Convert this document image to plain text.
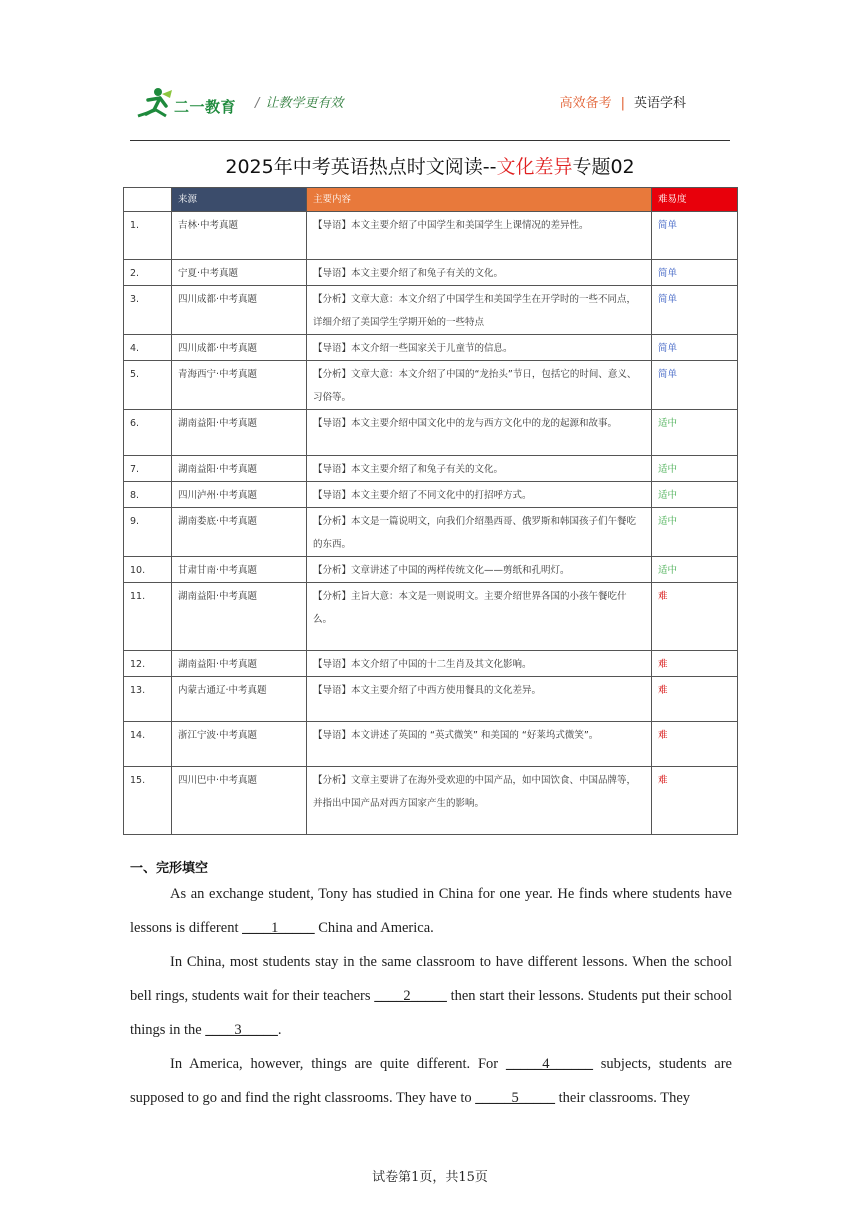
二一教育 / 让教学更有效	高效备考 | 英语学科
2025年中考英语热点时文阅读--文化差异专题02
	来源	主要内容	难易度
1.	吉林·中考真题	【导语】本文主要介绍了中国学生和美国学生上课情况的差异性。	简单
2.	宁夏·中考真题	【导语】本文主要介绍了和兔子有关的文化。	简单
3.	四川成都·中考真题	【分析】文章大意：本文介绍了中国学生和美国学生在开学时的一些不同点，详细介绍了美国学生学期开始的一些特点	简单
4.	四川成都·中考真题	【导语】本文介绍一些国家关于儿童节的信息。	简单
5.	青海西宁·中考真题	【分析】文章大意：本文介绍了中国的“龙抬头”节日，包括它的时间、意义、习俗等。	简单
6.	湖南益阳·中考真题	【导语】本文主要介绍中国文化中的龙与西方文化中的龙的起源和故事。	适中
7.	湖南益阳·中考真题	【导语】本文主要介绍了和兔子有关的文化。	适中
8.	四川泸州·中考真题	【导语】本文主要介绍了不同文化中的打招呼方式。	适中
9.	湖南娄底·中考真题	【分析】本文是一篇说明文，向我们介绍墨西哥、俄罗斯和韩国孩子们午餐吃的东西。	适中
10.	甘肃甘南·中考真题	【分析】文章讲述了中国的两样传统文化——剪纸和孔明灯。	适中
11.	湖南益阳·中考真题	【分析】主旨大意：本文是一则说明文。主要介绍世界各国的小孩午餐吃什么。	难
12.	湖南益阳·中考真题	【导语】本文介绍了中国的十二生肖及其文化影响。	难
13.	内蒙古通辽·中考真题	【导语】本文主要介绍了中西方使用餐具的文化差异。	难
14.	浙江宁波·中考真题	【导语】本文讲述了英国的 “英式微笑” 和美国的 “好莱坞式微笑”。	难
15.	四川巴中·中考真题	【分析】文章主要讲了在海外受欢迎的中国产品，如中国饮食、中国品牌等，并指出中国产品对西方国家产生的影响。	难
一、完形填空

As an exchange student, Tony has studied in China for one year. He finds where students have lessons is different ____1_____ China and America.

In China, most students stay in the same classroom to have different lessons. When the school bell rings, students wait for their teachers ____2_____ then start their lessons. Students put their school things in the ____3_____.

In America, however, things are quite different. For _____4______ subjects, students are supposed to go and find the right classrooms. They have to _____5_____ their classrooms. They

试卷第1页，共15页
